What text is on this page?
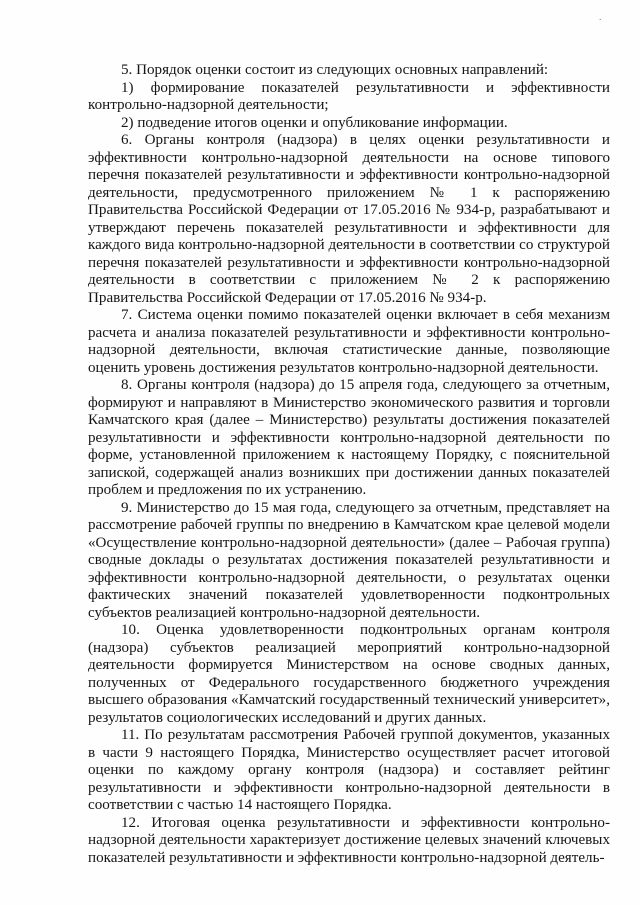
·

5. Порядок оценки состоит из следующих основных направлений:

1) формирование показателей результативности и эффективности контрольно-надзорной деятельности;

2) подведение итогов оценки и опубликование информации.

6. Органы контроля (надзора) в целях оценки результативности и эффективности контрольно-надзорной деятельности на основе типового перечня показателей результативности и эффективности контрольно-надзорной деятельности, предусмотренного приложением № 1 к распоряжению Правительства Российской Федерации от 17.05.2016 № 934-р, разрабатывают и утверждают перечень показателей результативности и эффективности для каждого вида контрольно-надзорной деятельности в соответствии со структурой перечня показателей результативности и эффективности контрольно-надзорной деятельности в соответствии с приложением № 2 к распоряжению Правительства Российской Федерации от 17.05.2016 № 934-р.

7. Система оценки помимо показателей оценки включает в себя механизм расчета и анализа показателей результативности и эффективности контрольно-надзорной деятельности, включая статистические данные, позволяющие оценить уровень достижения результатов контрольно-надзорной деятельности.

8. Органы контроля (надзора) до 15 апреля года, следующего за отчетным, формируют и направляют в Министерство экономического развития и торговли Камчатского края (далее – Министерство) результаты достижения показателей результативности и эффективности контрольно-надзорной деятельности по форме, установленной приложением к настоящему Порядку, с пояснительной запиской, содержащей анализ возникших при достижении данных показателей проблем и предложения по их устранению.

9. Министерство до 15 мая года, следующего за отчетным, представляет на рассмотрение рабочей группы по внедрению в Камчатском крае целевой модели «Осуществление контрольно-надзорной деятельности» (далее – Рабочая группа) сводные доклады о результатах достижения показателей результативности и эффективности контрольно-надзорной деятельности, о результатах оценки фактических значений показателей удовлетворенности подконтрольных субъектов реализацией контрольно-надзорной деятельности.

10. Оценка удовлетворенности подконтрольных органам контроля (надзора) субъектов реализацией мероприятий контрольно-надзорной деятельности формируется Министерством на основе сводных данных, полученных от Федерального государственного бюджетного учреждения высшего образования «Камчатский государственный технический университет», результатов социологических исследований и других данных.

11. По результатам рассмотрения Рабочей группой документов, указанных в части 9 настоящего Порядка, Министерство осуществляет расчет итоговой оценки по каждому органу контроля (надзора) и составляет рейтинг результативности и эффективности контрольно-надзорной деятельности в соответствии с частью 14 настоящего Порядка.

12. Итоговая оценка результативности и эффективности контрольно-надзорной деятельности характеризует достижение целевых значений ключевых показателей результативности и эффективности контрольно-надзорной деятель-
